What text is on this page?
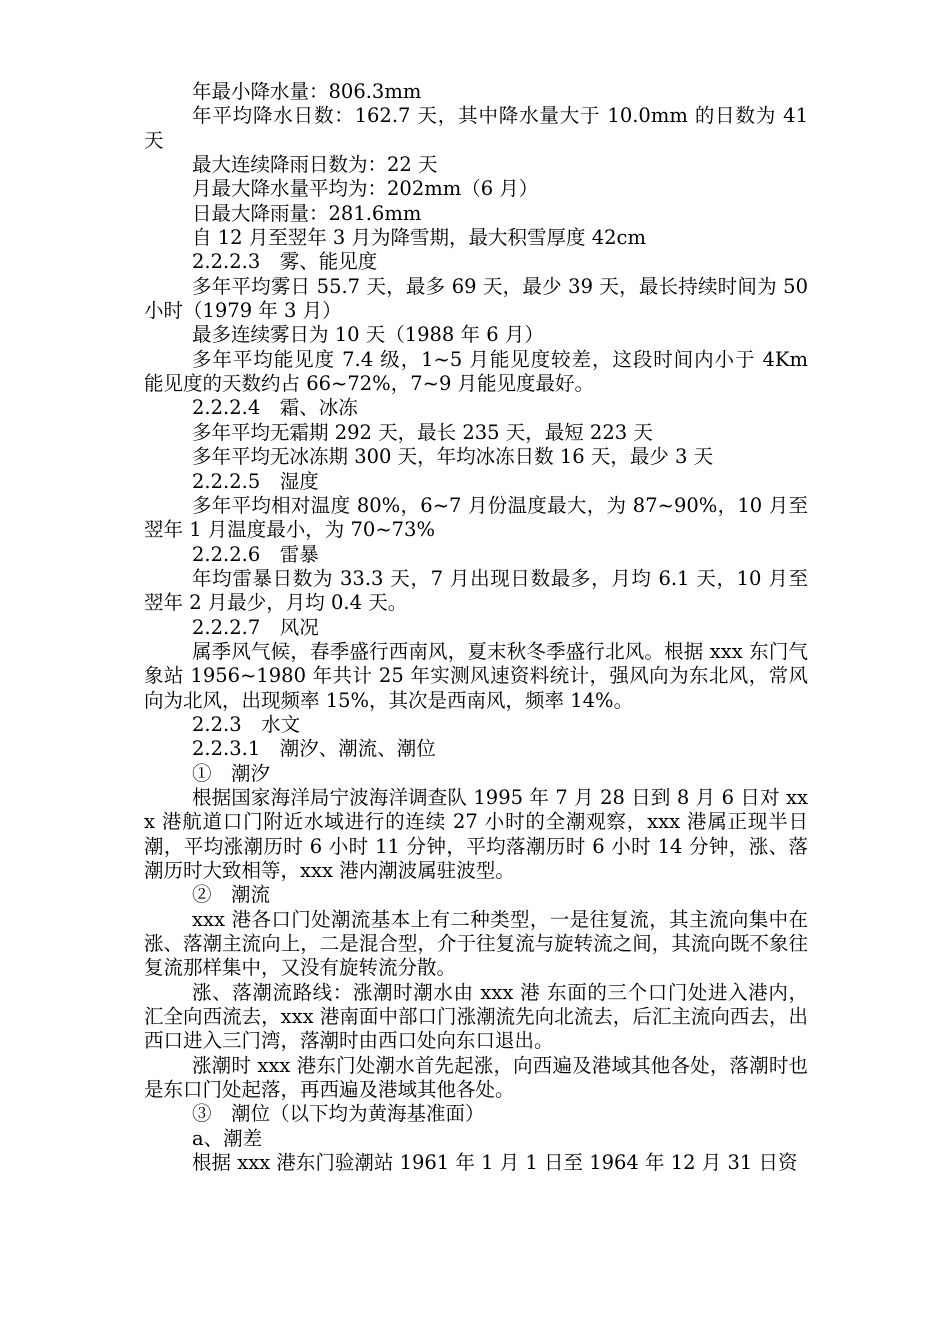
年最小降水量：806.3mm

年平均降水日数：162.7 天，其中降水量大于 10.0mm 的日数为 41 天

最大连续降雨日数为：22 天

月最大降水量平均为：202mm（6 月）

日最大降雨量：281.6mm

自 12 月至翌年 3 月为降雪期，最大积雪厚度 42cm

2.2.2.3　雾、能见度

多年平均雾日 55.7 天，最多 69 天，最少 39 天，最长持续时间为 50 小时（1979 年 3 月）

最多连续雾日为 10 天（1988 年 6 月）

多年平均能见度 7.4 级，1~5 月能见度较差，这段时间内小于 4Km 能见度的天数约占 66~72%，7~9 月能见度最好。

2.2.2.4　霜、冰冻

多年平均无霜期 292 天，最长 235 天，最短 223 天

多年平均无冰冻期 300 天，年均冰冻日数 16 天，最少 3 天

2.2.2.5　湿度

多年平均相对温度 80%，6~7 月份温度最大，为 87~90%，10 月至翌年 1 月温度最小，为 70~73%

2.2.2.6　雷暴

年均雷暴日数为 33.3 天，7 月出现日数最多，月均 6.1 天，10 月至翌年 2 月最少，月均 0.4 天。

2.2.2.7　风况

属季风气候，春季盛行西南风，夏末秋冬季盛行北风。根据 xxx 东门气象站 1956~1980 年共计 25 年实测风速资料统计，强风向为东北风，常风向为北风，出现频率 15%，其次是西南风，频率 14%。

2.2.3　水文

2.2.3.1　潮汐、潮流、潮位

①　潮汐

根据国家海洋局宁波海洋调查队 1995 年 7 月 28 日到 8 月 6 日对 xxx 港航道口门附近水域进行的连续 27 小时的全潮观察，xxx 港属正现半日潮，平均涨潮历时 6 小时 11 分钟，平均落潮历时 6 小时 14 分钟，涨、落潮历时大致相等，xxx 港内潮波属驻波型。

②　潮流

xxx 港各口门处潮流基本上有二种类型，一是往复流，其主流向集中在涨、落潮主流向上，二是混合型，介于往复流与旋转流之间，其流向既不象往复流那样集中，又没有旋转流分散。

涨、落潮流路线：涨潮时潮水由 xxx 港 东面的三个口门处进入港内，汇全向西流去，xxx 港南面中部口门涨潮流先向北流去，后汇主流向西去，出西口进入三门湾，落潮时由西口处向东口退出。

涨潮时 xxx 港东门处潮水首先起涨，向西遍及港域其他各处，落潮时也是东口门处起落，再西遍及港域其他各处。

③　潮位（以下均为黄海基准面）

a、潮差

根据 xxx 港东门验潮站 1961 年 1 月 1 日至 1964 年 12 月 31 日资
